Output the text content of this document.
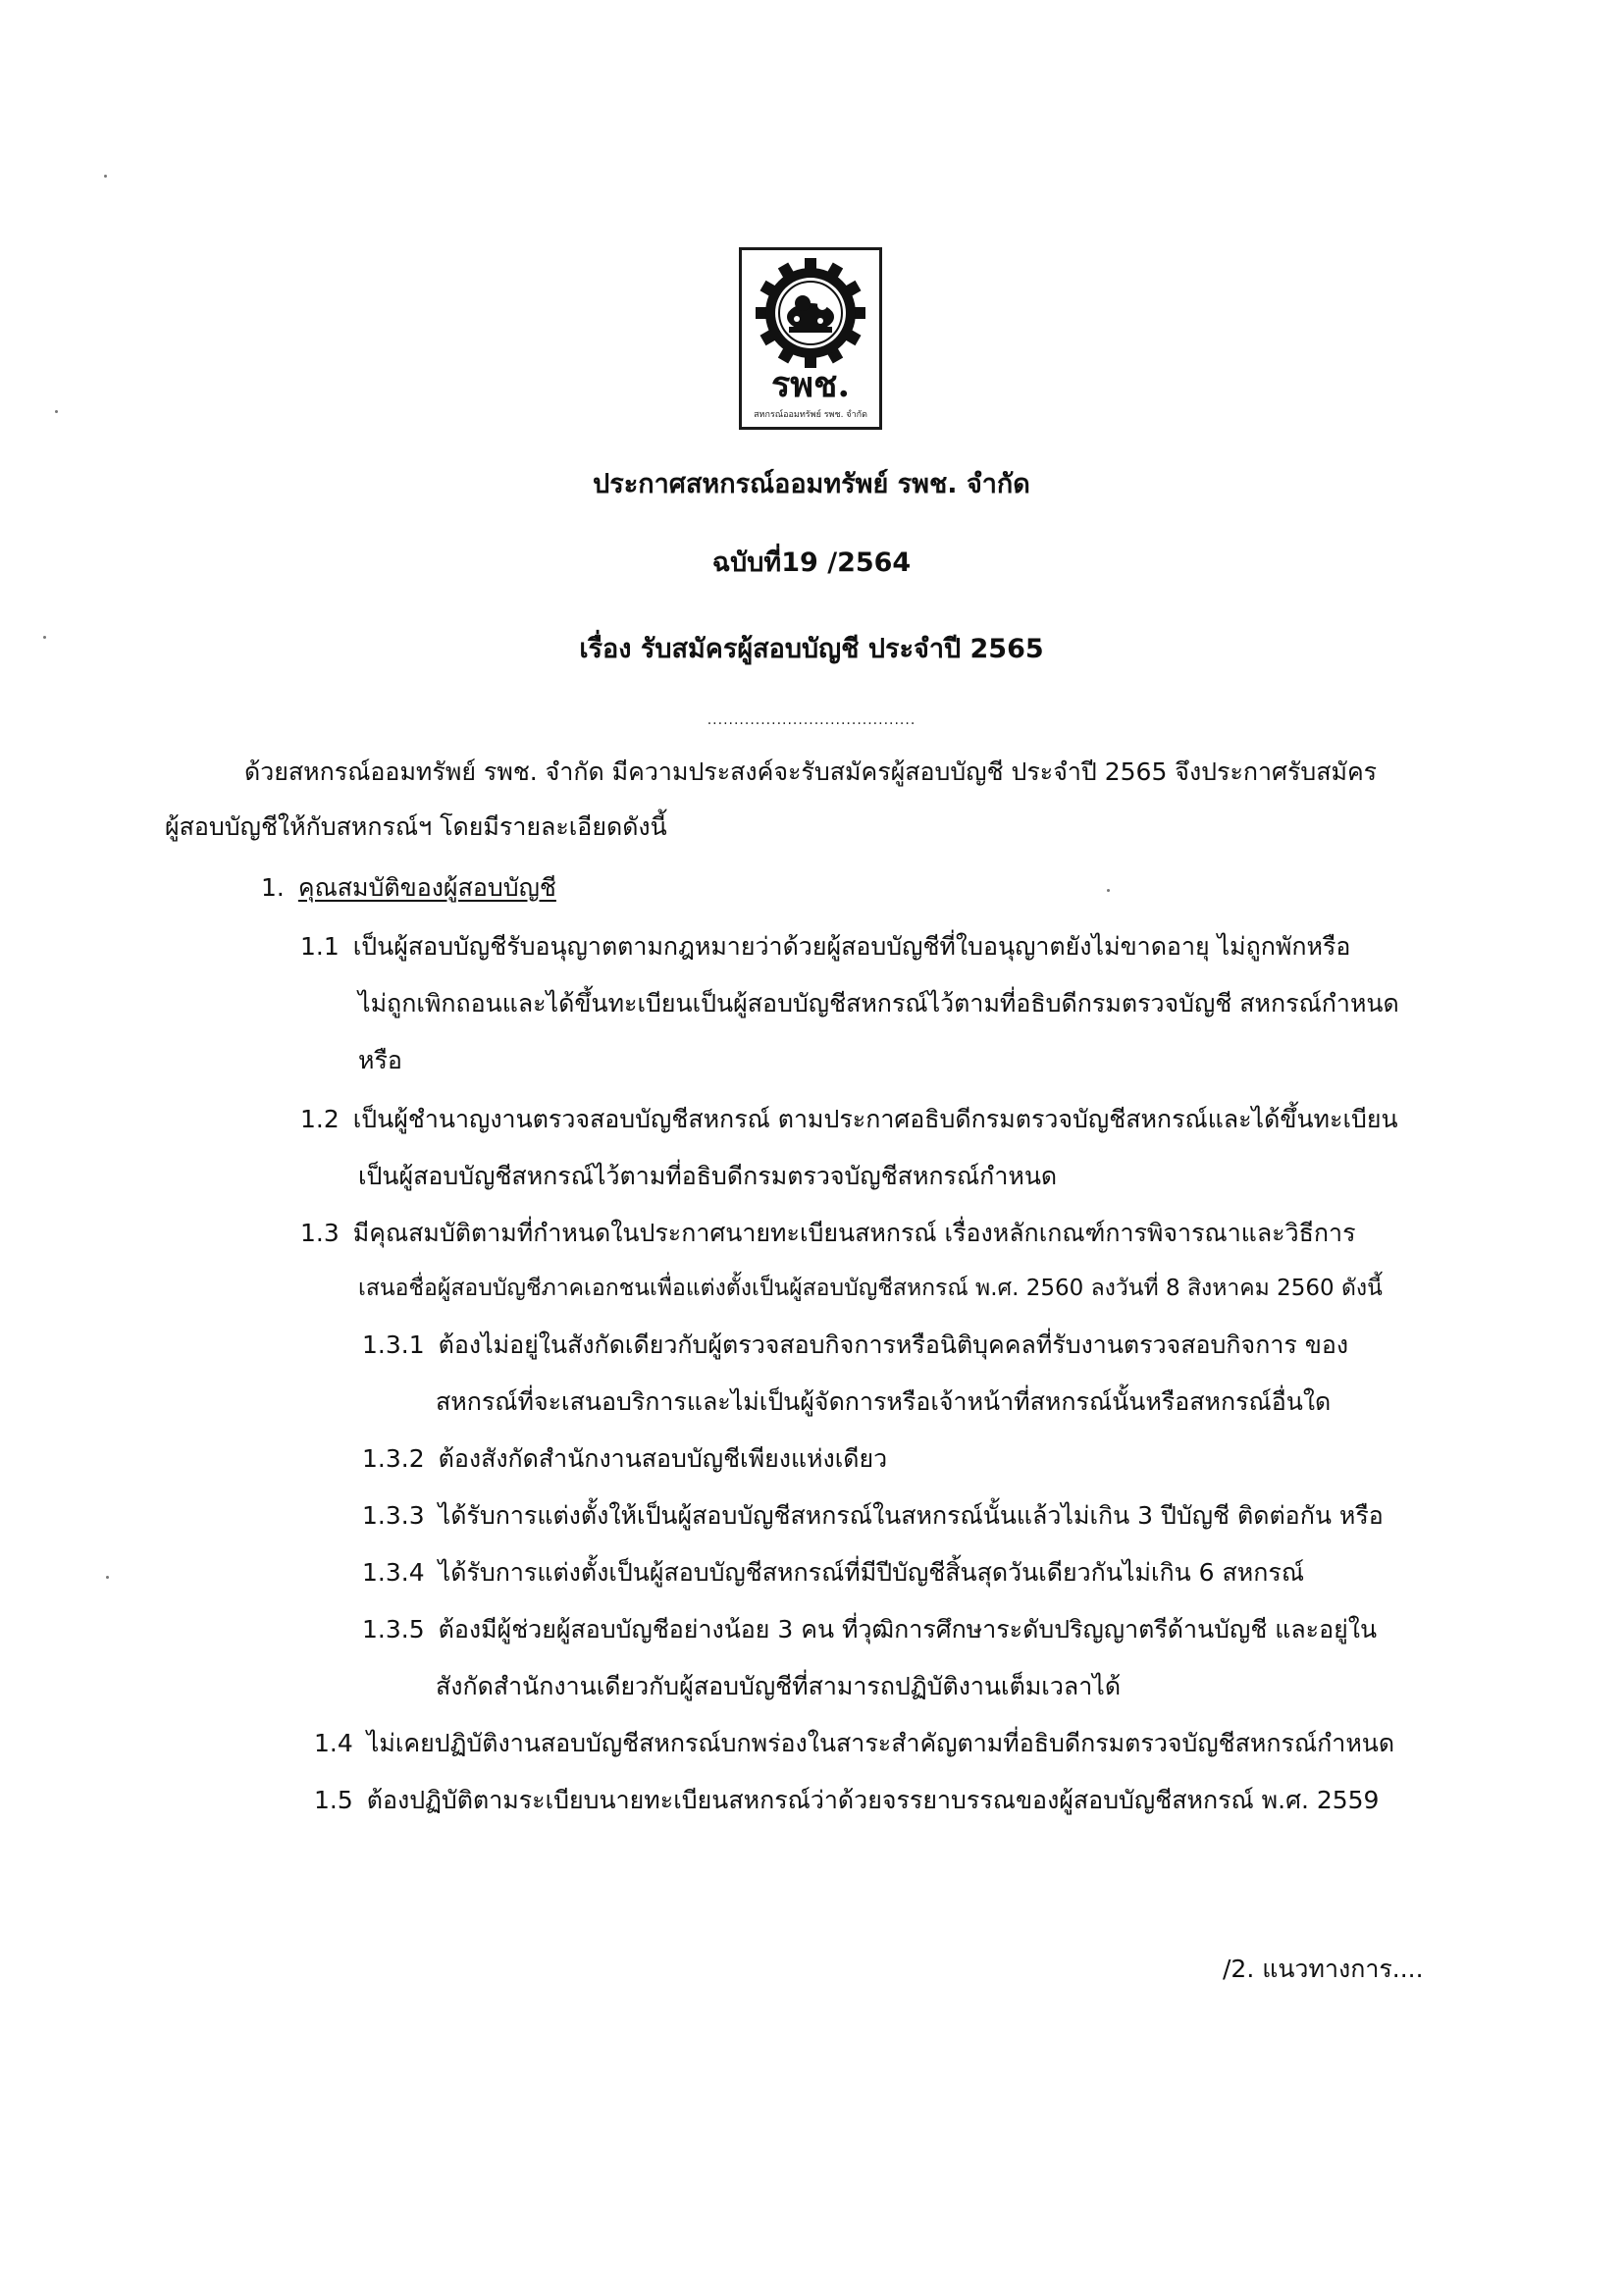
รพช.
สหกรณ์ออมทรัพย์ รพช. จำกัด
ประกาศสหกรณ์ออมทรัพย์ รพช. จำกัด
ฉบับที่19 /2564
เรื่อง รับสมัครผู้สอบบัญชี ประจำปี 2565
.......................................

ด้วยสหกรณ์ออมทรัพย์ รพช. จำกัด มีความประสงค์จะรับสมัครผู้สอบบัญชี ประจำปี 2565 จึงประกาศรับสมัคร

ผู้สอบบัญชีให้กับสหกรณ์ฯ โดยมีรายละเอียดดังนี้

1. คุณสมบัติของผู้สอบบัญชี

1.1 เป็นผู้สอบบัญชีรับอนุญาตตามกฎหมายว่าด้วยผู้สอบบัญชีที่ใบอนุญาตยังไม่ขาดอายุ ไม่ถูกพักหรือ

ไม่ถูกเพิกถอนและได้ขึ้นทะเบียนเป็นผู้สอบบัญชีสหกรณ์ไว้ตามที่อธิบดีกรมตรวจบัญชี สหกรณ์กำหนด

หรือ

1.2 เป็นผู้ชำนาญงานตรวจสอบบัญชีสหกรณ์ ตามประกาศอธิบดีกรมตรวจบัญชีสหกรณ์และได้ขึ้นทะเบียน

เป็นผู้สอบบัญชีสหกรณ์ไว้ตามที่อธิบดีกรมตรวจบัญชีสหกรณ์กำหนด

1.3 มีคุณสมบัติตามที่กำหนดในประกาศนายทะเบียนสหกรณ์ เรื่องหลักเกณฑ์การพิจารณาและวิธีการ

เสนอชื่อผู้สอบบัญชีภาคเอกชนเพื่อแต่งตั้งเป็นผู้สอบบัญชีสหกรณ์ พ.ศ. 2560 ลงวันที่ 8 สิงหาคม 2560 ดังนี้

1.3.1 ต้องไม่อยู่ในสังกัดเดียวกับผู้ตรวจสอบกิจการหรือนิติบุคคลที่รับงานตรวจสอบกิจการ ของ

สหกรณ์ที่จะเสนอบริการและไม่เป็นผู้จัดการหรือเจ้าหน้าที่สหกรณ์นั้นหรือสหกรณ์อื่นใด

1.3.2 ต้องสังกัดสำนักงานสอบบัญชีเพียงแห่งเดียว

1.3.3 ได้รับการแต่งตั้งให้เป็นผู้สอบบัญชีสหกรณ์ในสหกรณ์นั้นแล้วไม่เกิน 3 ปีบัญชี ติดต่อกัน หรือ

1.3.4 ได้รับการแต่งตั้งเป็นผู้สอบบัญชีสหกรณ์ที่มีปีบัญชีสิ้นสุดวันเดียวกันไม่เกิน 6 สหกรณ์

1.3.5 ต้องมีผู้ช่วยผู้สอบบัญชีอย่างน้อย 3 คน ที่วุฒิการศึกษาระดับปริญญาตรีด้านบัญชี และอยู่ใน

สังกัดสำนักงานเดียวกับผู้สอบบัญชีที่สามารถปฏิบัติงานเต็มเวลาได้

1.4 ไม่เคยปฏิบัติงานสอบบัญชีสหกรณ์บกพร่องในสาระสำคัญตามที่อธิบดีกรมตรวจบัญชีสหกรณ์กำหนด

1.5 ต้องปฏิบัติตามระเบียบนายทะเบียนสหกรณ์ว่าด้วยจรรยาบรรณของผู้สอบบัญชีสหกรณ์ พ.ศ. 2559

/2. แนวทางการ....
